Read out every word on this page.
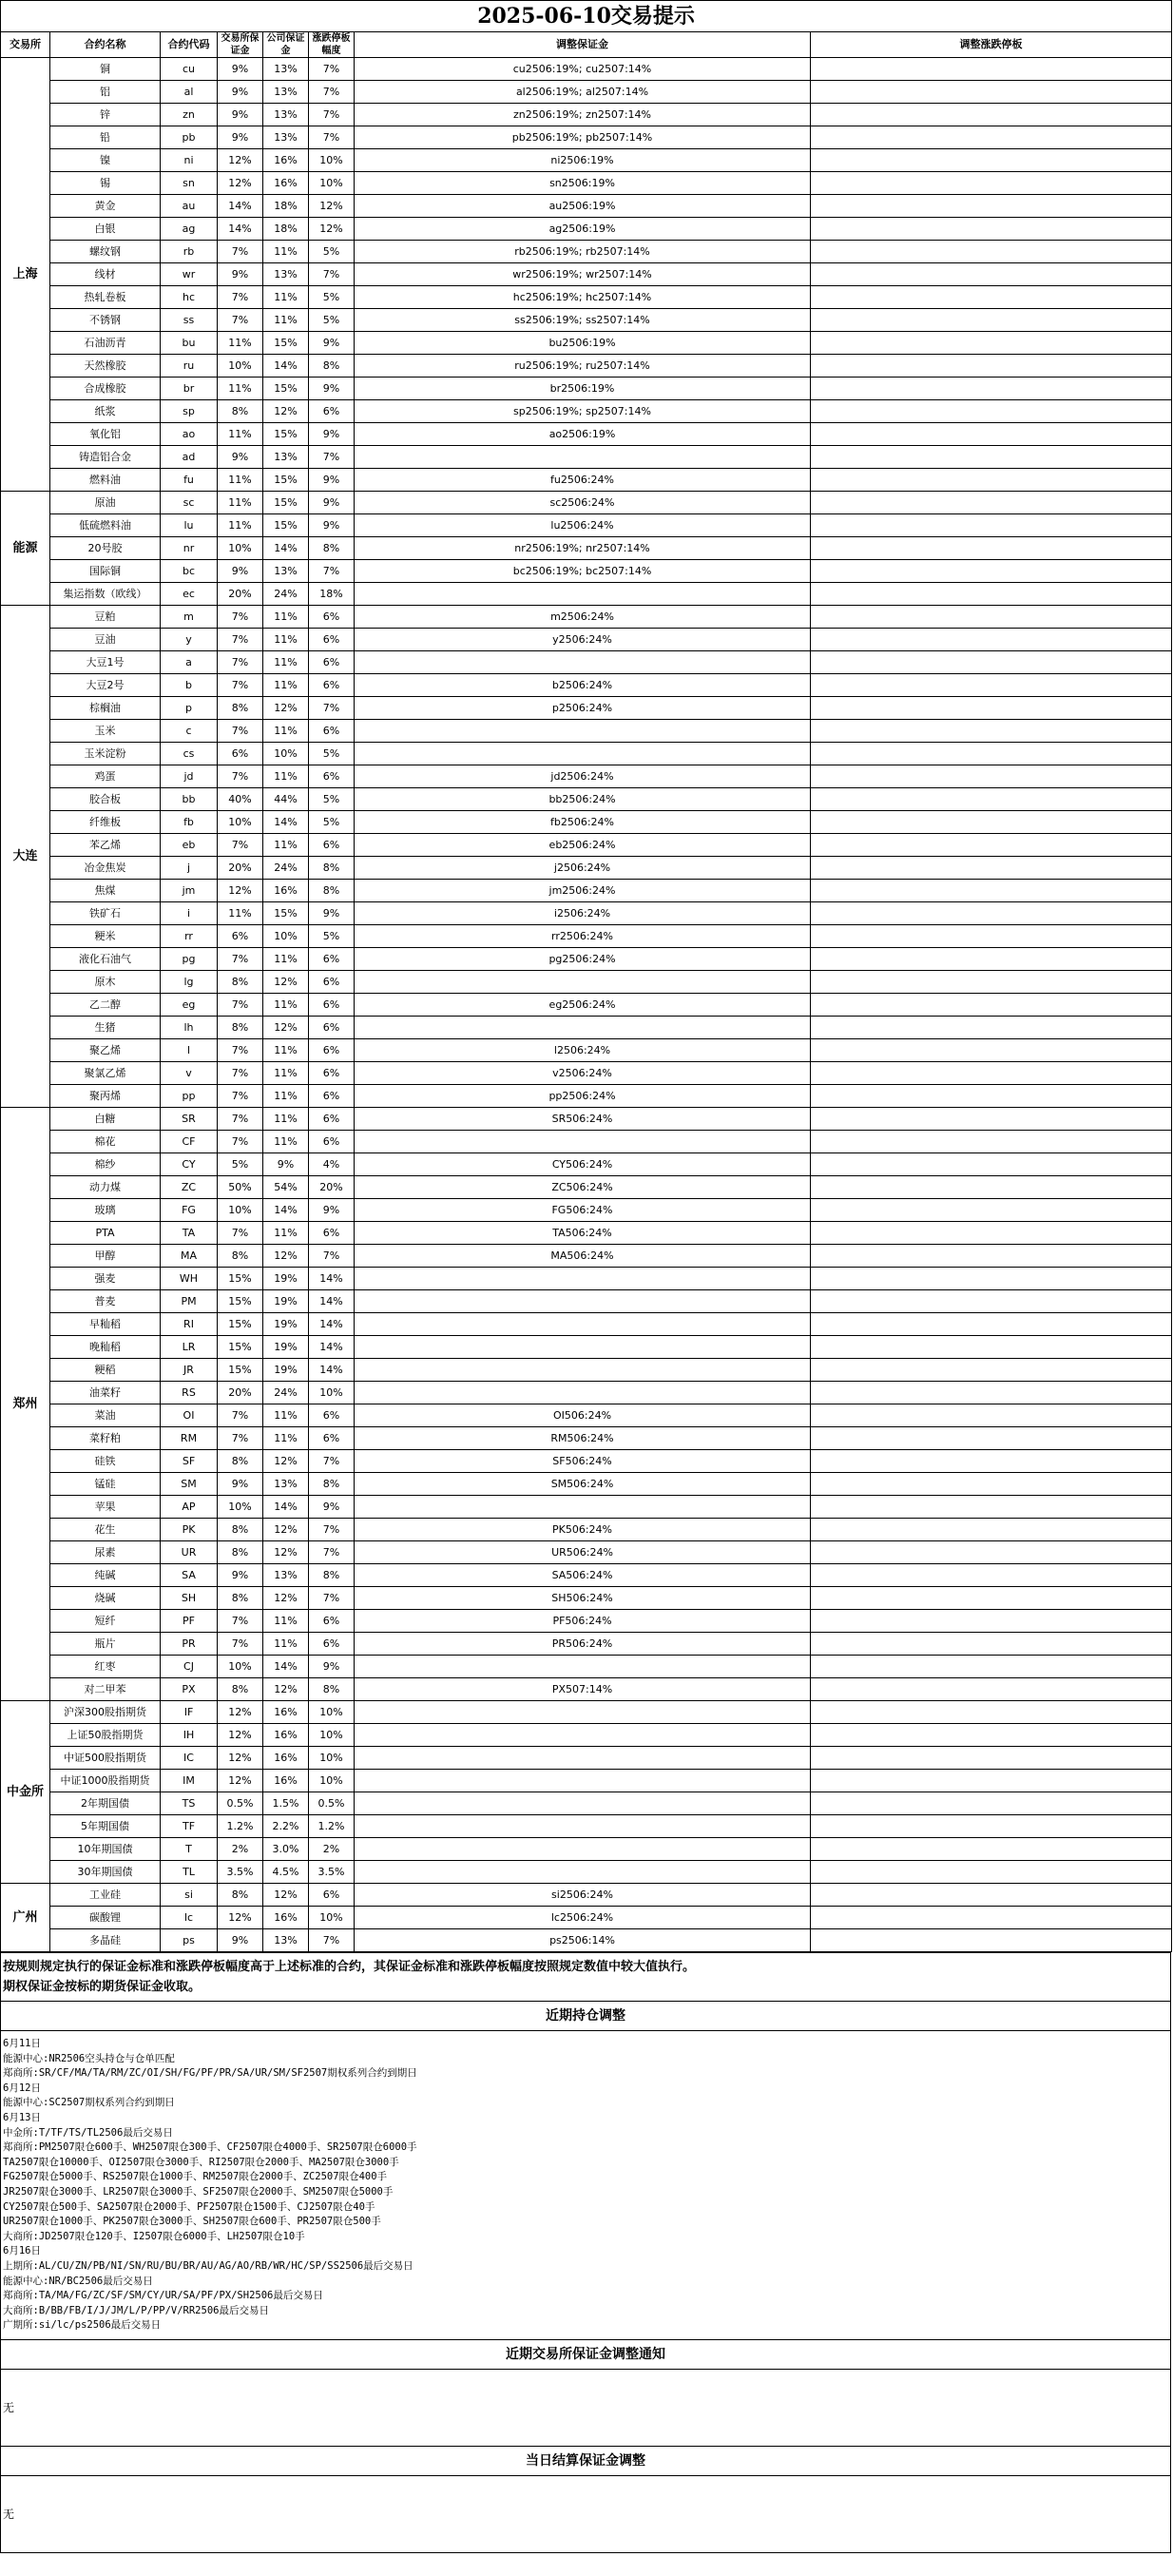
2025-06-10交易提示							
交易所	合约名称	合约代码	交易所保证金	公司保证金	涨跌停板幅度	调整保证金	调整涨跌停板
上海	铜	cu	9%	13%	7%	cu2506:19%; cu2507:14%	
	铝	al	9%	13%	7%	al2506:19%; al2507:14%	
	锌	zn	9%	13%	7%	zn2506:19%; zn2507:14%	
	铅	pb	9%	13%	7%	pb2506:19%; pb2507:14%	
	镍	ni	12%	16%	10%	ni2506:19%	
	锡	sn	12%	16%	10%	sn2506:19%	
	黄金	au	14%	18%	12%	au2506:19%	
	白银	ag	14%	18%	12%	ag2506:19%	
	螺纹钢	rb	7%	11%	5%	rb2506:19%; rb2507:14%	
	线材	wr	9%	13%	7%	wr2506:19%; wr2507:14%	
	热轧卷板	hc	7%	11%	5%	hc2506:19%; hc2507:14%	
	不锈钢	ss	7%	11%	5%	ss2506:19%; ss2507:14%	
	石油沥青	bu	11%	15%	9%	bu2506:19%	
	天然橡胶	ru	10%	14%	8%	ru2506:19%; ru2507:14%	
	合成橡胶	br	11%	15%	9%	br2506:19%	
	纸浆	sp	8%	12%	6%	sp2506:19%; sp2507:14%	
	氧化铝	ao	11%	15%	9%	ao2506:19%	
	铸造铝合金	ad	9%	13%	7%		
	燃料油	fu	11%	15%	9%	fu2506:24%	
能源	原油	sc	11%	15%	9%	sc2506:24%	
	低硫燃料油	lu	11%	15%	9%	lu2506:24%	
	20号胶	nr	10%	14%	8%	nr2506:19%; nr2507:14%	
	国际铜	bc	9%	13%	7%	bc2506:19%; bc2507:14%	
	集运指数（欧线）	ec	20%	24%	18%		
大连	豆粕	m	7%	11%	6%	m2506:24%	
	豆油	y	7%	11%	6%	y2506:24%	
	大豆1号	a	7%	11%	6%		
	大豆2号	b	7%	11%	6%	b2506:24%	
	棕榈油	p	8%	12%	7%	p2506:24%	
	玉米	c	7%	11%	6%		
	玉米淀粉	cs	6%	10%	5%		
	鸡蛋	jd	7%	11%	6%	jd2506:24%	
	胶合板	bb	40%	44%	5%	bb2506:24%	
	纤维板	fb	10%	14%	5%	fb2506:24%	
	苯乙烯	eb	7%	11%	6%	eb2506:24%	
	冶金焦炭	j	20%	24%	8%	j2506:24%	
	焦煤	jm	12%	16%	8%	jm2506:24%	
	铁矿石	i	11%	15%	9%	i2506:24%	
	粳米	rr	6%	10%	5%	rr2506:24%	
	液化石油气	pg	7%	11%	6%	pg2506:24%	
	原木	lg	8%	12%	6%		
	乙二醇	eg	7%	11%	6%	eg2506:24%	
	生猪	lh	8%	12%	6%		
	聚乙烯	l	7%	11%	6%	l2506:24%	
	聚氯乙烯	v	7%	11%	6%	v2506:24%	
	聚丙烯	pp	7%	11%	6%	pp2506:24%	
郑州	白糖	SR	7%	11%	6%	SR506:24%	
	棉花	CF	7%	11%	6%		
	棉纱	CY	5%	9%	4%	CY506:24%	
	动力煤	ZC	50%	54%	20%	ZC506:24%	
	玻璃	FG	10%	14%	9%	FG506:24%	
	PTA	TA	7%	11%	6%	TA506:24%	
	甲醇	MA	8%	12%	7%	MA506:24%	
	强麦	WH	15%	19%	14%		
	普麦	PM	15%	19%	14%		
	早籼稻	RI	15%	19%	14%		
	晚籼稻	LR	15%	19%	14%		
	粳稻	JR	15%	19%	14%		
	油菜籽	RS	20%	24%	10%		
	菜油	OI	7%	11%	6%	OI506:24%	
	菜籽粕	RM	7%	11%	6%	RM506:24%	
	硅铁	SF	8%	12%	7%	SF506:24%	
	锰硅	SM	9%	13%	8%	SM506:24%	
	苹果	AP	10%	14%	9%		
	花生	PK	8%	12%	7%	PK506:24%	
	尿素	UR	8%	12%	7%	UR506:24%	
	纯碱	SA	9%	13%	8%	SA506:24%	
	烧碱	SH	8%	12%	7%	SH506:24%	
	短纤	PF	7%	11%	6%	PF506:24%	
	瓶片	PR	7%	11%	6%	PR506:24%	
	红枣	CJ	10%	14%	9%		
	对二甲苯	PX	8%	12%	8%	PX507:14%	
中金所	沪深300股指期货	IF	12%	16%	10%		
	上证50股指期货	IH	12%	16%	10%		
	中证500股指期货	IC	12%	16%	10%		
	中证1000股指期货	IM	12%	16%	10%		
	2年期国债	TS	0.5%	1.5%	0.5%		
	5年期国债	TF	1.2%	2.2%	1.2%		
	10年期国债	T	2%	3.0%	2%		
	30年期国债	TL	3.5%	4.5%	3.5%		
广州	工业硅	si	8%	12%	6%	si2506:24%	
	碳酸锂	lc	12%	16%	10%	lc2506:24%	
	多晶硅	ps	9%	13%	7%	ps2506:14%	
按规则规定执行的保证金标准和涨跌停板幅度高于上述标准的合约，其保证金标准和涨跌停板幅度按照规定数值中较大值执行。
期权保证金按标的期货保证金收取。

近期持仓调整

6月11日
能源中心:NR2506空头持仓与仓单匹配
郑商所:SR/CF/MA/TA/RM/ZC/OI/SH/FG/PF/PR/SA/UR/SM/SF2507期权系列合约到期日
6月12日
能源中心:SC2507期权系列合约到期日
6月13日
中金所:T/TF/TS/TL2506最后交易日
郑商所:PM2507限仓600手、WH2507限仓300手、CF2507限仓4000手、SR2507限仓6000手
TA2507限仓10000手、OI2507限仓3000手、RI2507限仓2000手、MA2507限仓3000手
FG2507限仓5000手、RS2507限仓1000手、RM2507限仓2000手、ZC2507限仓400手
JR2507限仓3000手、LR2507限仓3000手、SF2507限仓2000手、SM2507限仓5000手
CY2507限仓500手、SA2507限仓2000手、PF2507限仓1500手、CJ2507限仓40手
UR2507限仓1000手、PK2507限仓3000手、SH2507限仓600手、PR2507限仓500手
大商所:JD2507限仓120手、I2507限仓6000手、LH2507限仓10手
6月16日
上期所:AL/CU/ZN/PB/NI/SN/RU/BU/BR/AU/AG/AO/RB/WR/HC/SP/SS2506最后交易日
能源中心:NR/BC2506最后交易日
郑商所:TA/MA/FG/ZC/SF/SM/CY/UR/SA/PF/PX/SH2506最后交易日
大商所:B/BB/FB/I/J/JM/L/P/PP/V/RR2506最后交易日
广期所:si/lc/ps2506最后交易日

近期交易所保证金调整通知
无
当日结算保证金调整
无
